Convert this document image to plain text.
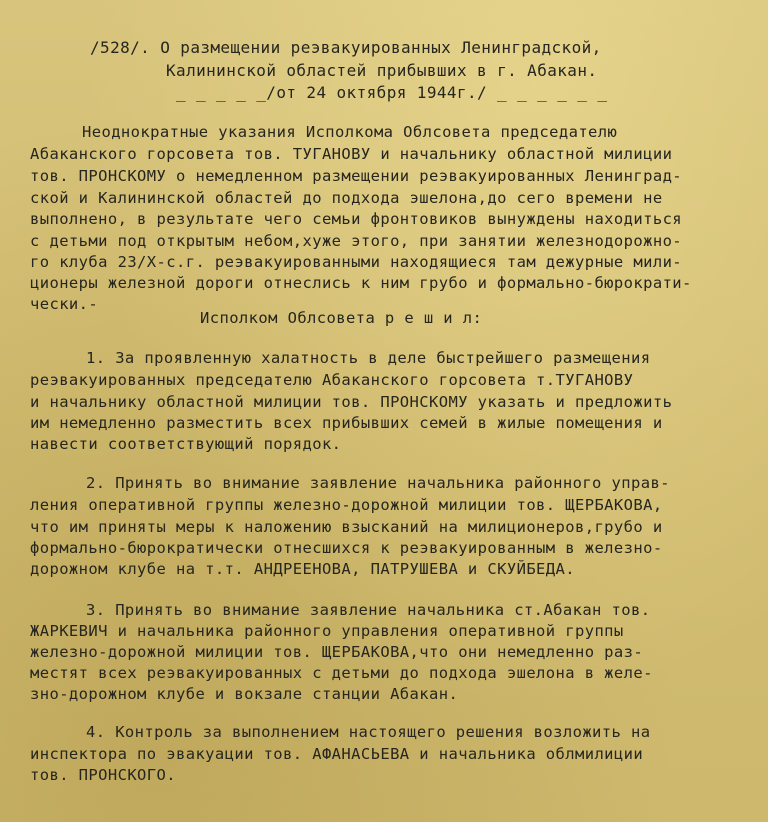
/528/. О размещении реэвакуированных Ленинградской,
Калининской областей прибывших в г. Абакан.
_ _ _ _ _/от 24 октября 1944г./ _ _ _ _ _ _
Неоднократные указания Исполкома Облсовета председателю
Абаканского горсовета тов. ТУГАНОВУ и начальнику областной милиции
тов. ПРОНСКОМУ о немедленном размещении реэвакуированных Ленинград-
ской и Калининской областей до подхода эшелона,до сего времени не
выполнено, в результате чего семьи фронтовиков вынуждены находиться
с детьми под открытым небом,хуже этого, при занятии железнодорожно-
го клуба 23/Х-с.г. реэвакуированными находящиеся там дежурные мили-
ционеры железной дороги отнеслись к ним грубо и формально-бюрократи-
чески.-
Исполком Облсовета р е ш и л:
1. За проявленную халатность в деле быстрейшего размещения
реэвакуированных председателю Абаканского горсовета т.ТУГАНОВУ
и начальнику областной милиции тов. ПРОНСКОМУ указать и предложить
им немедленно разместить всех прибывших семей в жилые помещения и
навести соответствующий порядок.
2. Принять во внимание заявление начальника районного управ-
ления оперативной группы железно-дорожной милиции тов. ЩЕРБАКОВА,
что им приняты меры к наложению взысканий на милиционеров,грубо и
формально-бюрократически отнесшихся к реэвакуированным в железно-
дорожном клубе на т.т. АНДРЕЕНОВА, ПАТРУШЕВА и СКУЙБЕДА.
3. Принять во внимание заявление начальника ст.Абакан тов.
ЖАРКЕВИЧ и начальника районного управления оперативной группы
железно-дорожной милиции тов. ЩЕРБАКОВА,что они немедленно раз-
местят всех реэвакуированных с детьми до подхода эшелона в желе-
зно-дорожном клубе и вокзале станции Абакан.
4. Контроль за выполнением настоящего решения возложить на
инспектора по эвакуации тов. АФАНАСЬЕВА и начальника облмилиции
тов. ПРОНСКОГО.
